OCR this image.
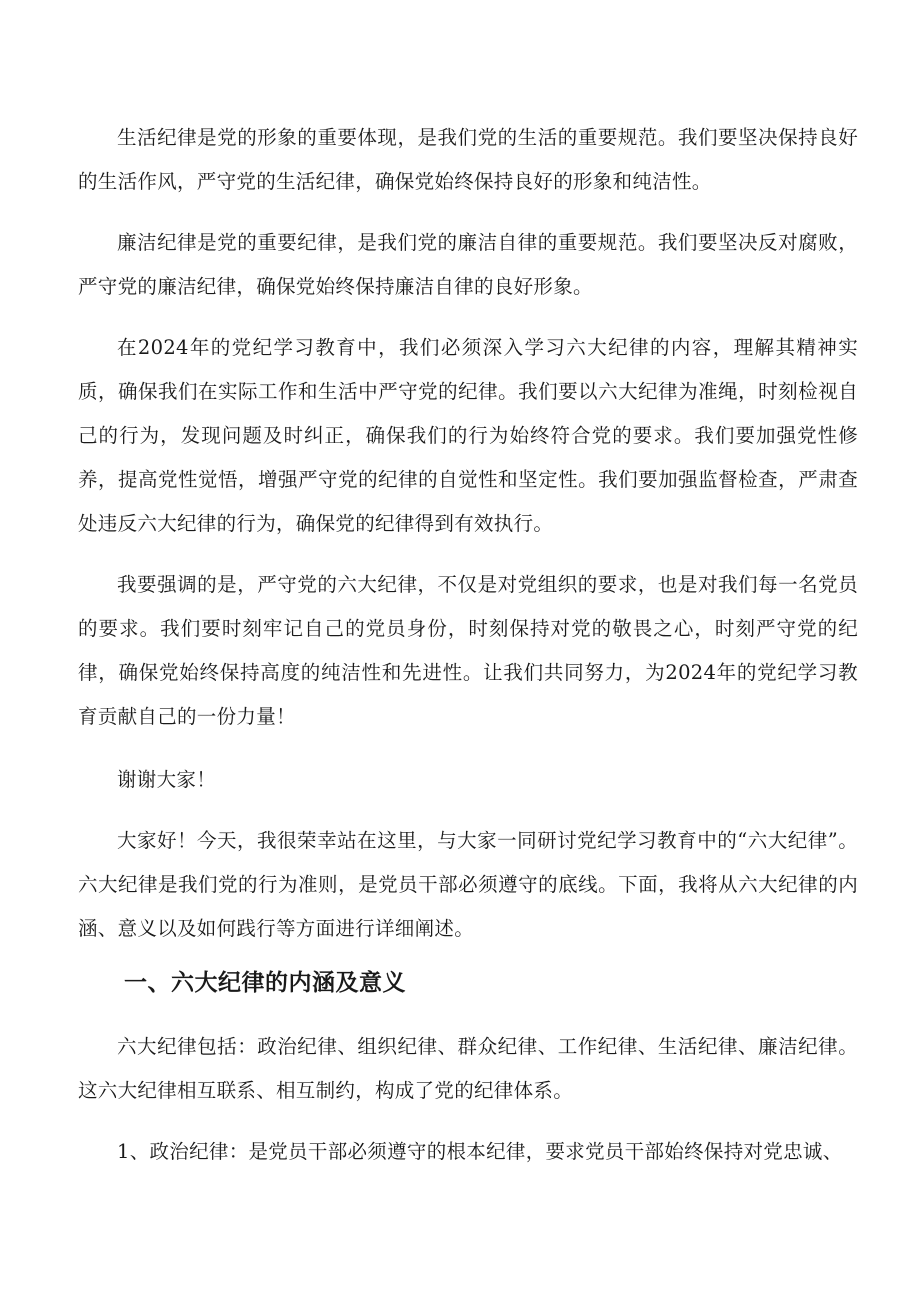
生活纪律是党的形象的重要体现，是我们党的生活的重要规范。我们要坚决保持良好的生活作风，严守党的生活纪律，确保党始终保持良好的形象和纯洁性。

廉洁纪律是党的重要纪律，是我们党的廉洁自律的重要规范。我们要坚决反对腐败，严守党的廉洁纪律，确保党始终保持廉洁自律的良好形象。

在2024年的党纪学习教育中，我们必须深入学习六大纪律的内容，理解其精神实质，确保我们在实际工作和生活中严守党的纪律。我们要以六大纪律为准绳，时刻检视自己的行为，发现问题及时纠正，确保我们的行为始终符合党的要求。我们要加强党性修养，提高党性觉悟，增强严守党的纪律的自觉性和坚定性。我们要加强监督检查，严肃查处违反六大纪律的行为，确保党的纪律得到有效执行。

我要强调的是，严守党的六大纪律，不仅是对党组织的要求，也是对我们每一名党员的要求。我们要时刻牢记自己的党员身份，时刻保持对党的敬畏之心，时刻严守党的纪律，确保党始终保持高度的纯洁性和先进性。让我们共同努力，为2024年的党纪学习教育贡献自己的一份力量！

谢谢大家！

大家好！今天，我很荣幸站在这里，与大家一同研讨党纪学习教育中的“六大纪律”。六大纪律是我们党的行为准则，是党员干部必须遵守的底线。下面，我将从六大纪律的内涵、意义以及如何践行等方面进行详细阐述。

一、六大纪律的内涵及意义

六大纪律包括：政治纪律、组织纪律、群众纪律、工作纪律、生活纪律、廉洁纪律。这六大纪律相互联系、相互制约，构成了党的纪律体系。

1、政治纪律：是党员干部必须遵守的根本纪律，要求党员干部始终保持对党忠诚、
